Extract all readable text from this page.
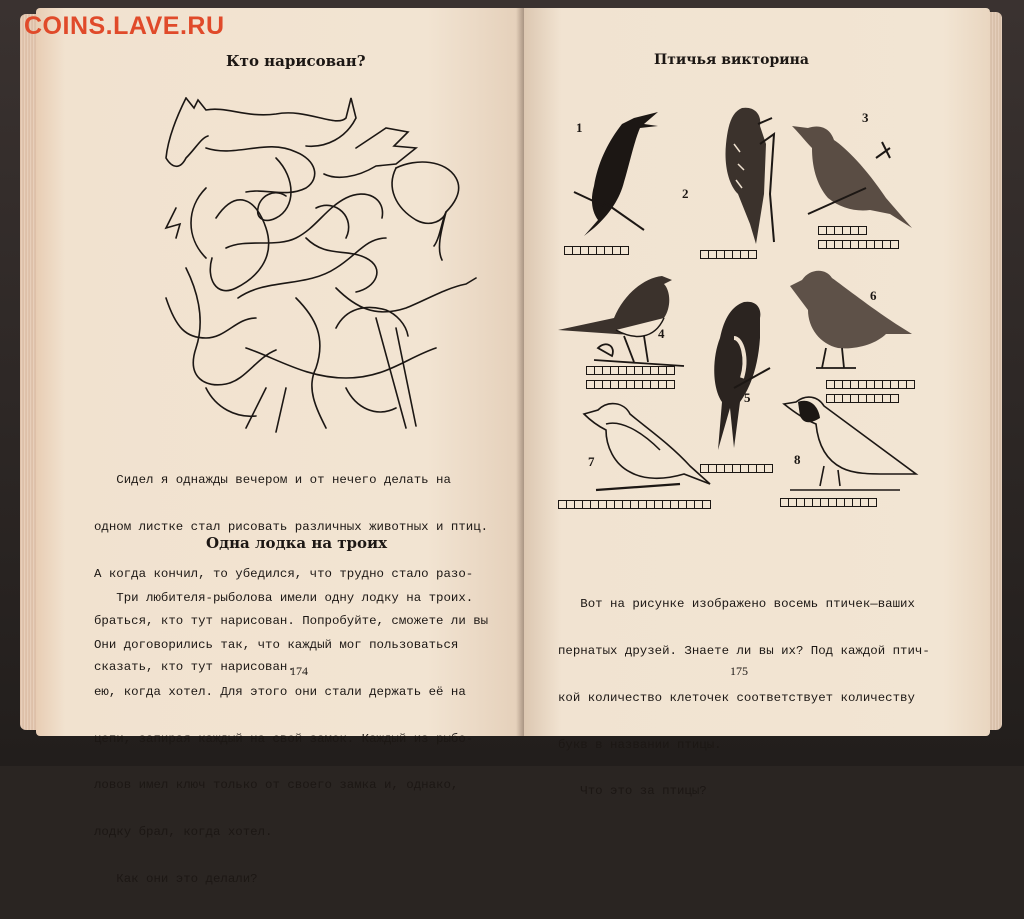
Кто нарисован?

Сидел я однажды вечером и от нечего делать на

одном листке стал рисовать различных животных и птиц.

А когда кончил, то убедился, что трудно стало разо-

браться, кто тут нарисован. Попробуйте, сможете ли вы

сказать, кто тут нарисован.

Одна лодка на троих

Три любителя-рыболова имели одну лодку на троих.

Они договорились так, что каждый мог пользоваться

ею, когда хотел. Для этого они стали держать её на

цепи, запирая каждый на свой замок. Каждый из рыбо-

ловов имел ключ только от своего замка и, однако,

лодку брал, когда хотел.

Как они это делали?

174
Птичья викторина
1
2
3
4
5
6
7	8

Вот на рисунке изображено восемь птичек—ваших

пернатых друзей. Знаете ли вы их? Под каждой птич-

кой количество клеточек соответствует количеству

букв в названии птицы.

Что это за птицы?

175
COINS.LAVE.RU
